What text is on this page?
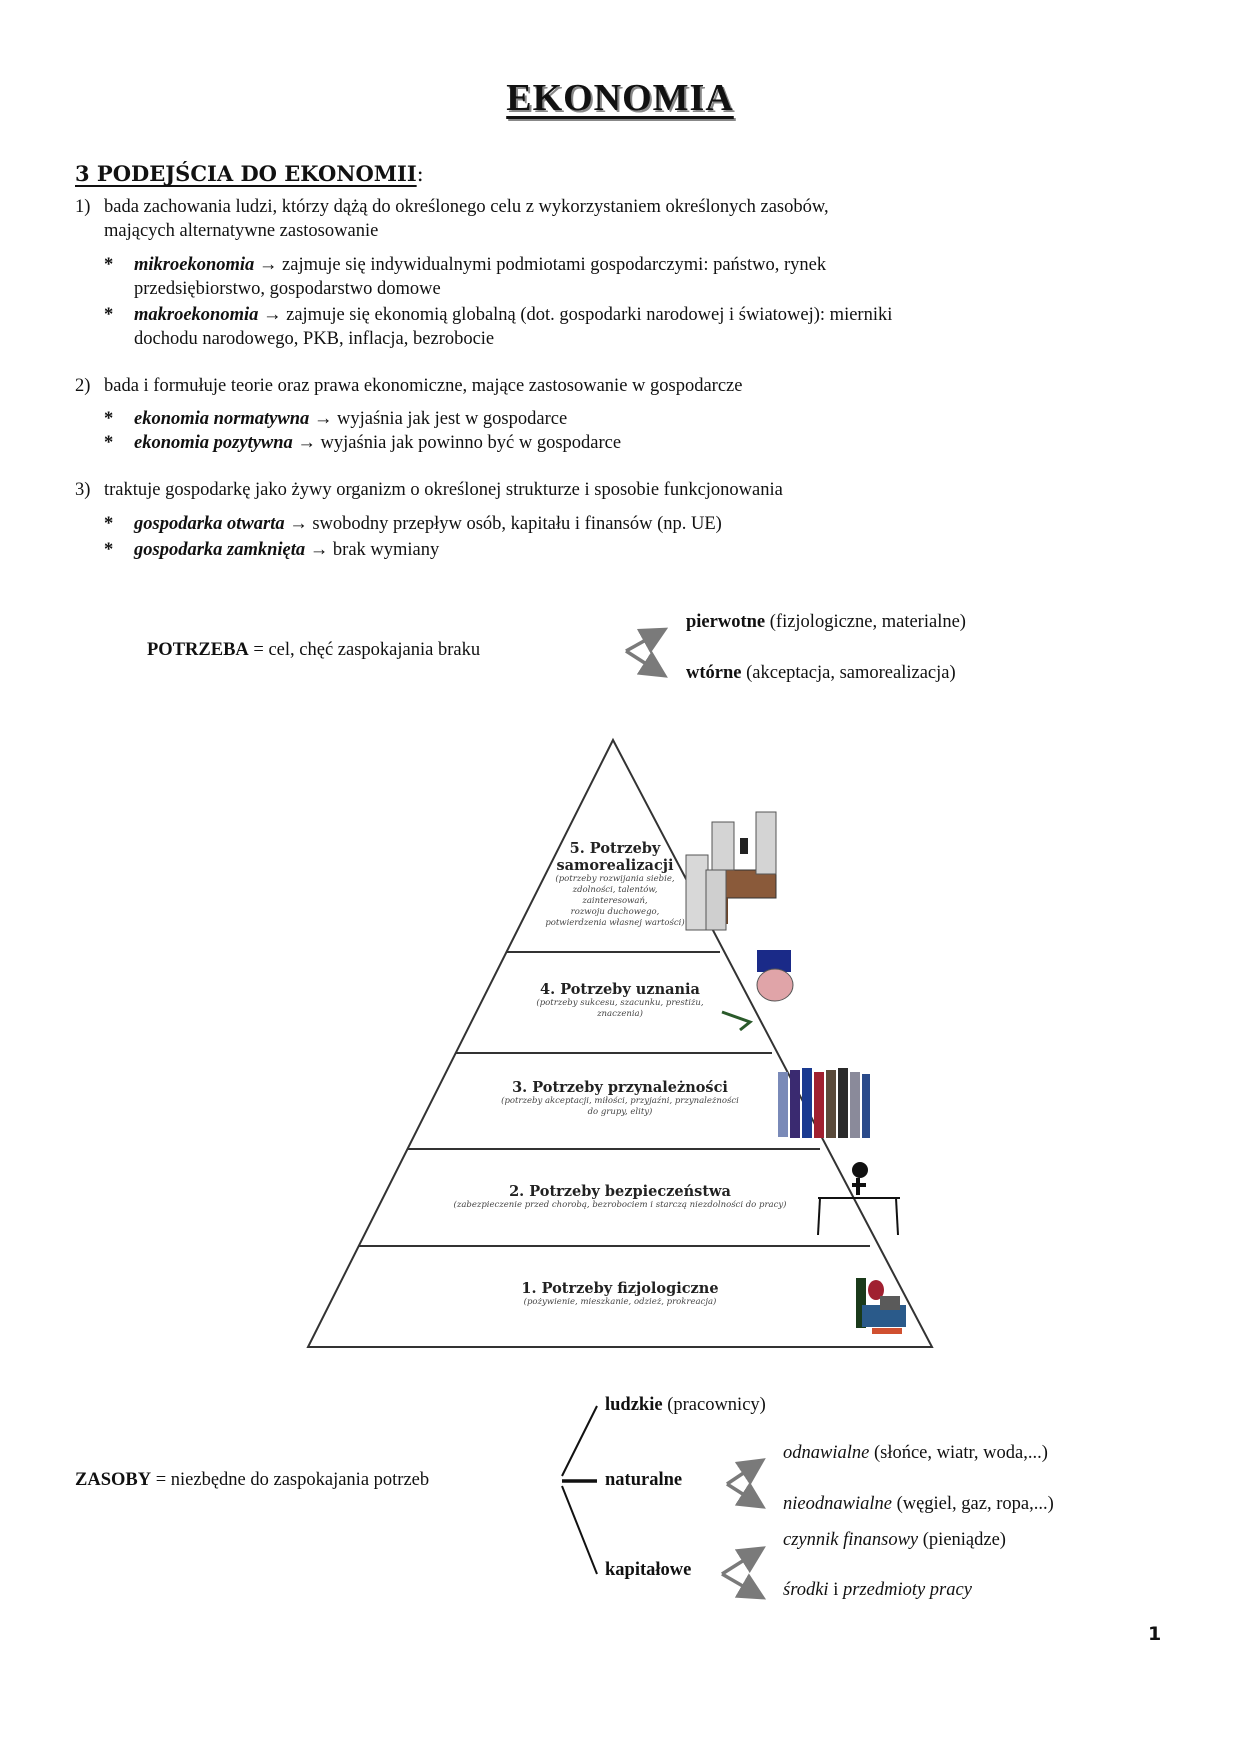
EKONOMIA
3 PODEJŚCIA DO EKONOMII:
1) bada zachowania ludzi, którzy dążą do określonego celu z wykorzystaniem określonych zasobów,
mających alternatywne zastosowanie
* mikroekonomia → zajmuje się indywidualnymi podmiotami gospodarczymi: państwo, rynek
przedsiębiorstwo, gospodarstwo domowe
* makroekonomia → zajmuje się ekonomią globalną (dot. gospodarki narodowej i światowej): mierniki
dochodu narodowego, PKB, inflacja, bezrobocie
2) bada i formułuje teorie oraz prawa ekonomiczne, mające zastosowanie w gospodarcze
* ekonomia normatywna → wyjaśnia jak jest w gospodarce
* ekonomia pozytywna → wyjaśnia jak powinno być w gospodarce
3) traktuje gospodarkę jako żywy organizm o określonej strukturze i sposobie funkcjonowania
* gospodarka otwarta → swobodny przepływ osób, kapitału i finansów (np. UE)
* gospodarka zamknięta → brak wymiany
POTRZEBA = cel, chęć zaspokajania braku
pierwotne (fizjologiczne, materialne)
wtórne (akceptacja, samorealizacja)
ZASOBY = niezbędne do zaspokajania potrzeb
ludzkie (pracownicy)
naturalne
odnawialne (słońce, wiatr, woda,...)
nieodnawialne (węgiel, gaz, ropa,...)
kapitałowe
czynnik finansowy (pieniądze)
środki i przedmioty pracy
5. Potrzeby
samorealizacji
(potrzeby rozwijania siebie,
zdolności, talentów,
zainteresowań,
rozwoju duchowego,
potwierdzenia własnej wartości)
4. Potrzeby uznania
(potrzeby sukcesu, szacunku, prestiżu,
znaczenia)
3. Potrzeby przynależności
(potrzeby akceptacji, miłości, przyjaźni, przynależności
do grupy, elity)
2. Potrzeby bezpieczeństwa
(zabezpieczenie przed chorobą, bezrobociem i starczą niezdolności do pracy)
1. Potrzeby fizjologiczne
(pożywienie, mieszkanie, odzież, prokreacja)
1
